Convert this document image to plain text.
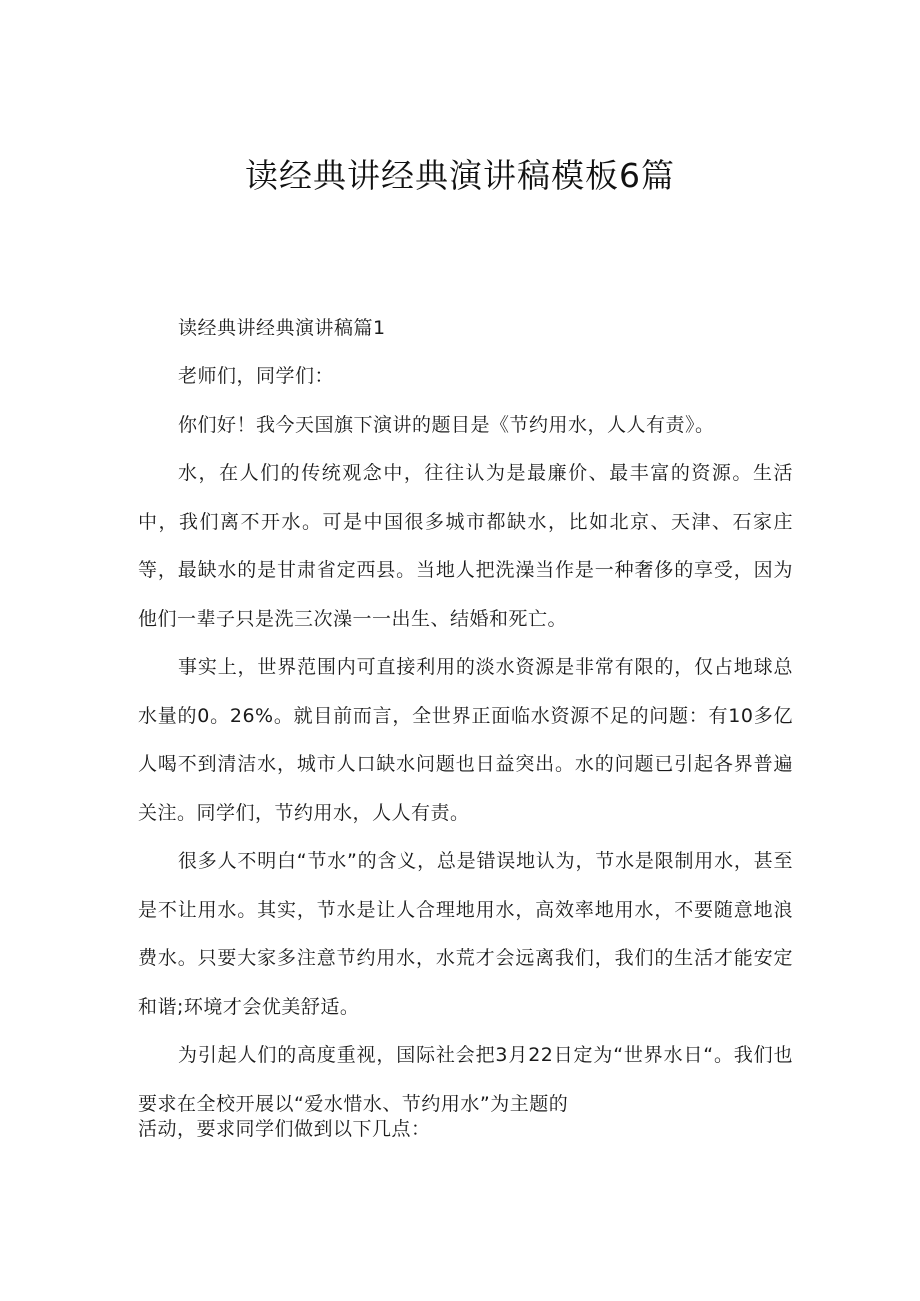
读经典讲经典演讲稿模板6篇

读经典讲经典演讲稿篇1

老师们，同学们：

你们好！我今天国旗下演讲的题目是《节约用水，人人有责》。

水，在人们的传统观念中，往往认为是最廉价、最丰富的资源。生活中，我们离不开水。可是中国很多城市都缺水，比如北京、天津、石家庄等，最缺水的是甘肃省定西县。当地人把洗澡当作是一种奢侈的享受，因为他们一辈子只是洗三次澡一一出生、结婚和死亡。

事实上，世界范围内可直接利用的淡水资源是非常有限的，仅占地球总水量的0。26%。就目前而言，全世界正面临水资源不足的问题：有10多亿人喝不到清洁水，城市人口缺水问题也日益突出。水的问题已引起各界普遍关注。同学们，节约用水，人人有责。

很多人不明白“节水”的含义，总是错误地认为，节水是限制用水，甚至是不让用水。其实，节水是让人合理地用水，高效率地用水，不要随意地浪费水。只要大家多注意节约用水，水荒才会远离我们，我们的生活才能安定和谐;环境才会优美舒适。

为引起人们的高度重视，国际社会把3月22日定为“世界水日“。我们也要求在全校开展以“爱水惜水、节约用水”为主题的

活动，要求同学们做到以下几点：
